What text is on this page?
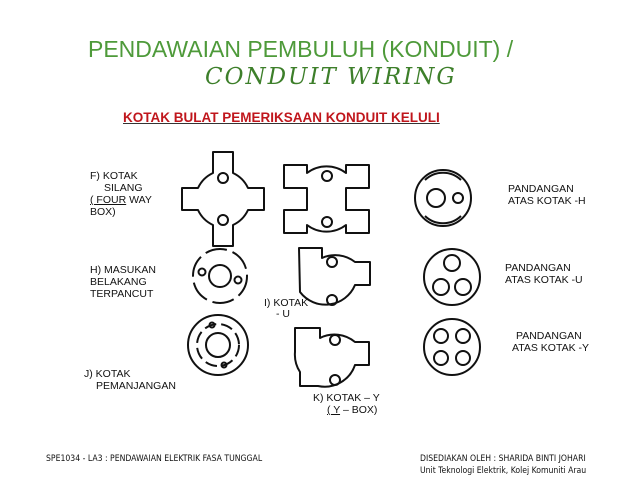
PENDAWAIAN PEMBULUH (KONDUIT) /
CONDUIT WIRING
KOTAK BULAT PEMERIKSAAN KONDUIT KELULI
F) KOTAK
SILANG
( FOUR WAY
BOX)
H) MASUKAN
BELAKANG
TERPANCUT
I) KOTAK
- U
J) KOTAK
PEMANJANGAN
K) KOTAK – Y
( Y – BOX)
PANDANGAN
ATAS KOTAK -H
PANDANGAN
ATAS KOTAK -U
PANDANGAN
ATAS KOTAK -Y
SPE1034 - LA3 : PENDAWAIAN ELEKTRIK FASA TUNGGAL	DISEDIAKAN OLEH : SHARIDA BINTI JOHARI
Unit Teknologi Elektrik, Kolej Komuniti Arau
